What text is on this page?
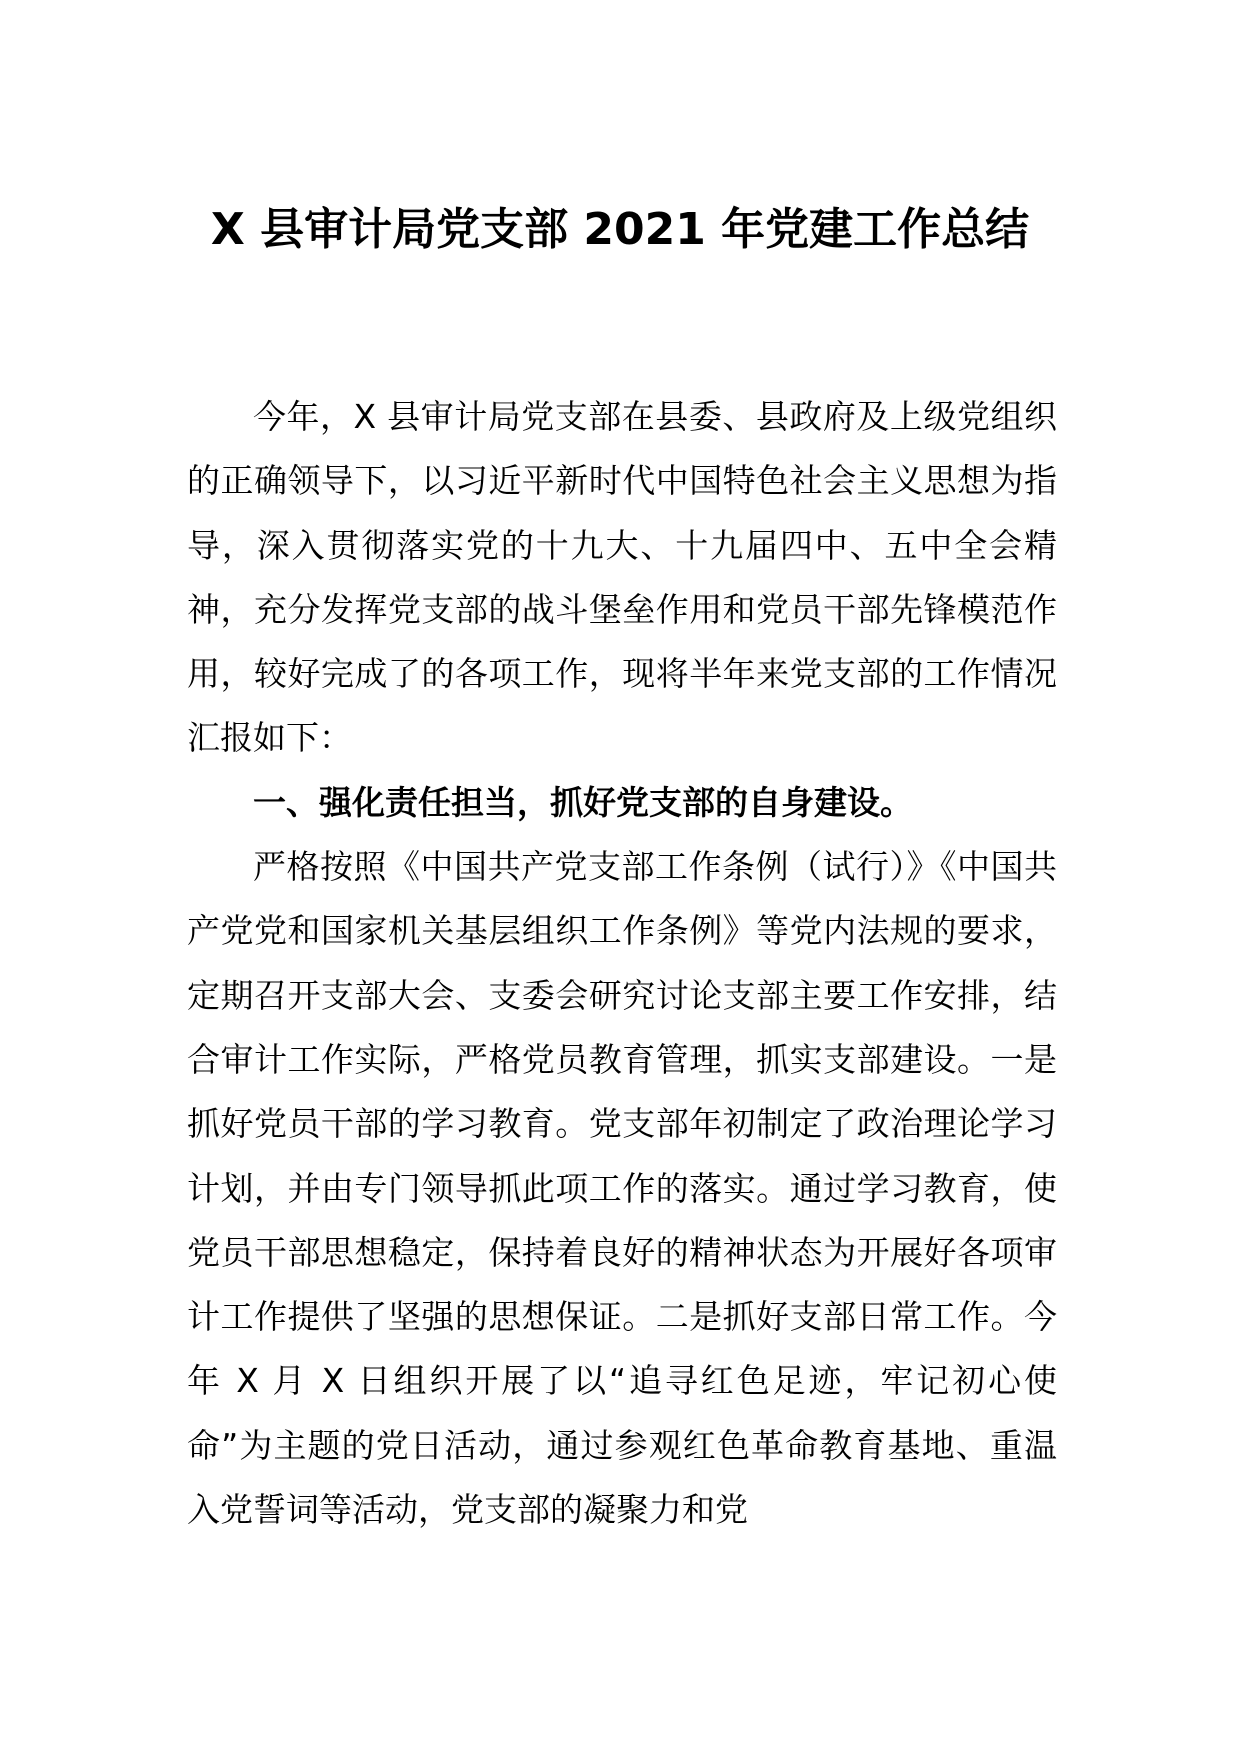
X 县审计局党支部 2021 年党建工作总结

今年，X 县审计局党支部在县委、县政府及上级党组织的正确领导下，以习近平新时代中国特色社会主义思想为指导，深入贯彻落实党的十九大、十九届四中、五中全会精神，充分发挥党支部的战斗堡垒作用和党员干部先锋模范作用，较好完成了的各项工作，现将半年来党支部的工作情况汇报如下：

一、强化责任担当，抓好党支部的自身建设。

严格按照《中国共产党支部工作条例（试行）》《中国共产党党和国家机关基层组织工作条例》等党内法规的要求，定期召开支部大会、支委会研究讨论支部主要工作安排，结合审计工作实际，严格党员教育管理，抓实支部建设。一是抓好党员干部的学习教育。党支部年初制定了政治理论学习计划，并由专门领导抓此项工作的落实。通过学习教育，使党员干部思想稳定，保持着良好的精神状态为开展好各项审计工作提供了坚强的思想保证。二是抓好支部日常工作。今年 X 月 X 日组织开展了以“追寻红色足迹，牢记初心使命”为主题的党日活动，通过参观红色革命教育基地、重温入党誓词等活动，党支部的凝聚力和党
